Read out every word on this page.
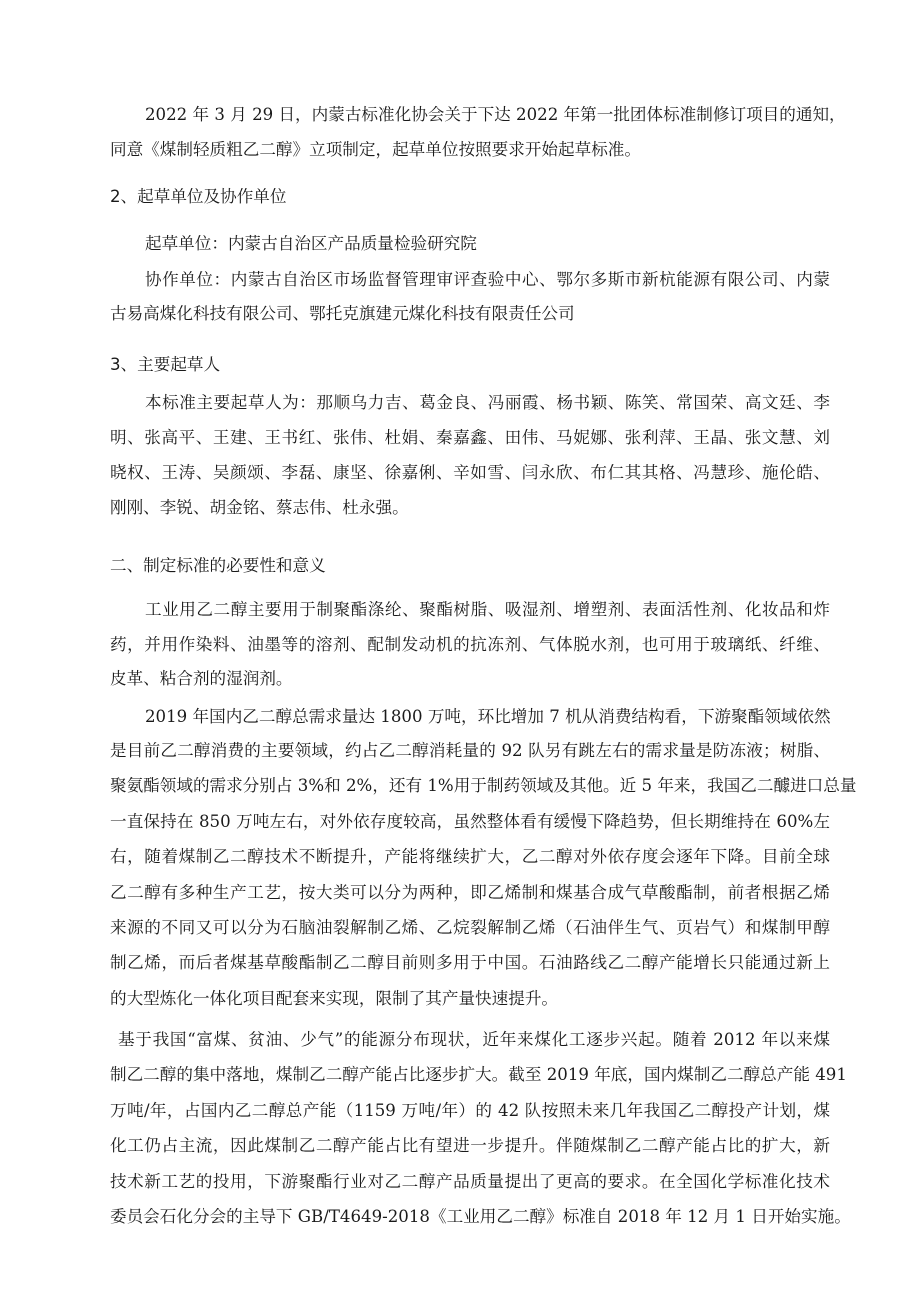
2022 年 3 月 29 日，内蒙古标准化协会关于下达 2022 年第一批团体标准制修订项目的通知，
同意《煤制轻质粗乙二醇》立项制定，起草单位按照要求开始起草标准。
2、起草单位及协作单位
起草单位：内蒙古自治区产品质量检验研究院
协作单位：内蒙古自治区市场监督管理审评查验中心、鄂尔多斯市新杭能源有限公司、内蒙
古易高煤化科技有限公司、鄂托克旗建元煤化科技有限责任公司
3、主要起草人
本标准主要起草人为：那顺乌力吉、葛金良、冯丽霞、杨书颖、陈笑、常国荣、高文廷、李
明、张高平、王建、王书红、张伟、杜娟、秦嘉鑫、田伟、马妮娜、张利萍、王晶、张文慧、刘
晓权、王涛、吴颜颂、李磊、康坚、徐嘉俐、辛如雪、闫永欣、布仁其其格、冯慧珍、施伦皓、
刚刚、李锐、胡金铭、蔡志伟、杜永强。
二、制定标准的必要性和意义
工业用乙二醇主要用于制聚酯涤纶、聚酯树脂、吸湿剂、增塑剂、表面活性剂、化妆品和炸
药，并用作染料、油墨等的溶剂、配制发动机的抗冻剂、气体脱水剂，也可用于玻璃纸、纤维、
皮革、粘合剂的湿润剂。
2019 年国内乙二醇总需求量达 1800 万吨，环比增加 7 机从消费结构看，下游聚酯领域依然
是目前乙二醇消费的主要领域，约占乙二醇消耗量的 92 队另有跳左右的需求量是防冻液；树脂、
聚氨酯领域的需求分别占 3%和 2%，还有 1%用于制药领域及其他。近 5 年来，我国乙二醵进口总量
一直保持在 850 万吨左右，对外依存度较高，虽然整体看有缓慢下降趋势，但长期维持在 60%左
右，随着煤制乙二醇技术不断提升，产能将继续扩大，乙二醇对外依存度会逐年下降。目前全球
乙二醇有多种生产工艺，按大类可以分为两种，即乙烯制和煤基合成气草酸酯制，前者根据乙烯
来源的不同又可以分为石脑油裂解制乙烯、乙烷裂解制乙烯（石油伴生气、页岩气）和煤制甲醇
制乙烯，而后者煤基草酸酯制乙二醇目前则多用于中国。石油路线乙二醇产能增长只能通过新上
的大型炼化一体化项目配套来实现，限制了其产量快速提升。
基于我国“富煤、贫油、少气”的能源分布现状，近年来煤化工逐步兴起。随着 2012 年以来煤
制乙二醇的集中落地，煤制乙二醇产能占比逐步扩大。截至 2019 年底，国内煤制乙二醇总产能 491
万吨/年，占国内乙二醇总产能（1159 万吨/年）的 42 队按照未来几年我国乙二醇投产计划，煤
化工仍占主流，因此煤制乙二醇产能占比有望进一步提升。伴随煤制乙二醇产能占比的扩大，新
技术新工艺的投用，下游聚酯行业对乙二醇产品质量提出了更高的要求。在全国化学标准化技术
委员会石化分会的主导下 GB/T4649-2018《工业用乙二醇》标准自 2018 年 12 月 1 日开始实施。
